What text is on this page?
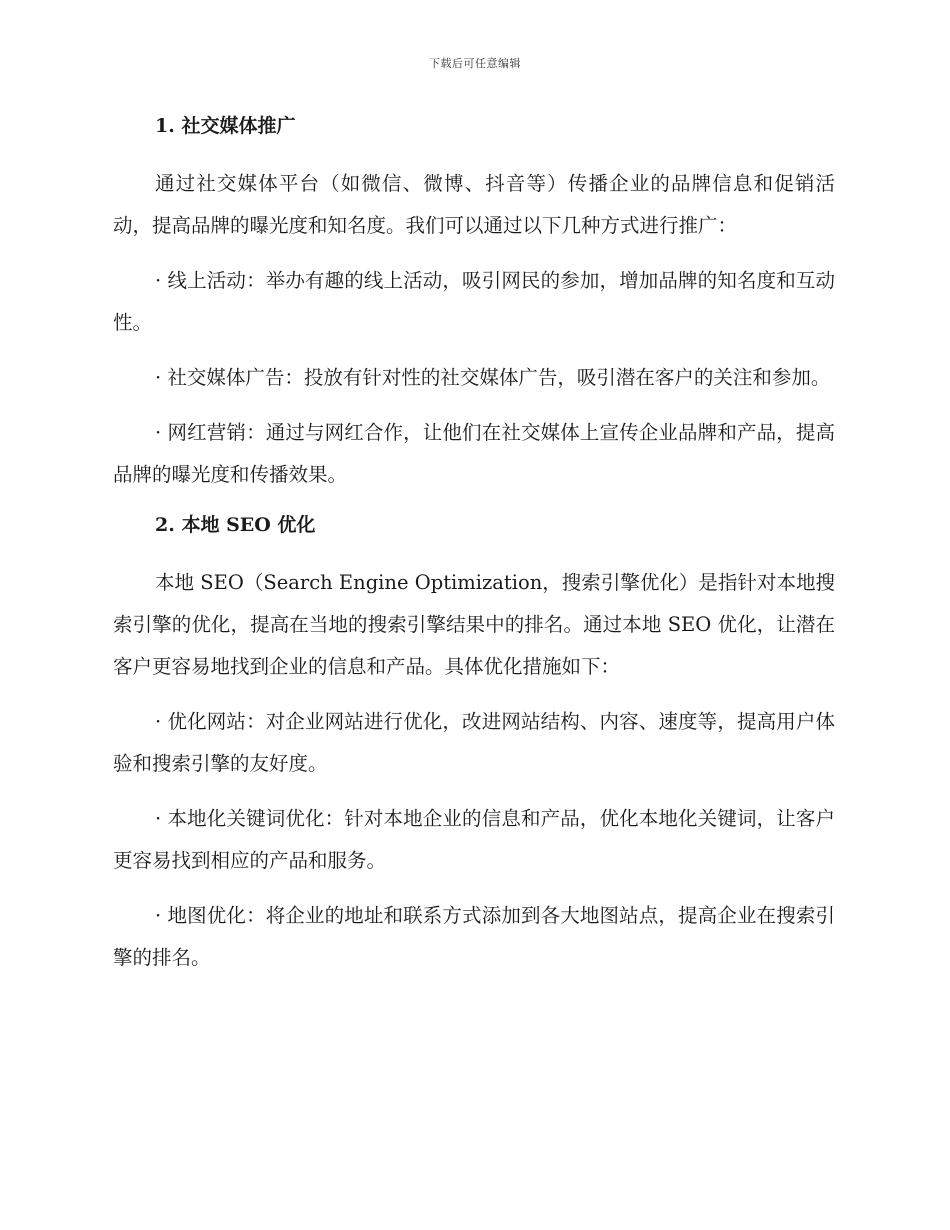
下载后可任意编辑
1. 社交媒体推广

通过社交媒体平台（如微信、微博、抖音等）传播企业的品牌信息和促销活动，提高品牌的曝光度和知名度。我们可以通过以下几种方式进行推广：

· 线上活动：举办有趣的线上活动，吸引网民的参加，增加品牌的知名度和互动性。

· 社交媒体广告：投放有针对性的社交媒体广告，吸引潜在客户的关注和参加。

· 网红营销：通过与网红合作，让他们在社交媒体上宣传企业品牌和产品，提高品牌的曝光度和传播效果。

2. 本地 SEO 优化

本地 SEO（Search Engine Optimization，搜索引擎优化）是指针对本地搜索引擎的优化，提高在当地的搜索引擎结果中的排名。通过本地 SEO 优化，让潜在客户更容易地找到企业的信息和产品。具体优化措施如下：

· 优化网站：对企业网站进行优化，改进网站结构、内容、速度等，提高用户体验和搜索引擎的友好度。

· 本地化关键词优化：针对本地企业的信息和产品，优化本地化关键词，让客户更容易找到相应的产品和服务。

· 地图优化：将企业的地址和联系方式添加到各大地图站点，提高企业在搜索引擎的排名。
